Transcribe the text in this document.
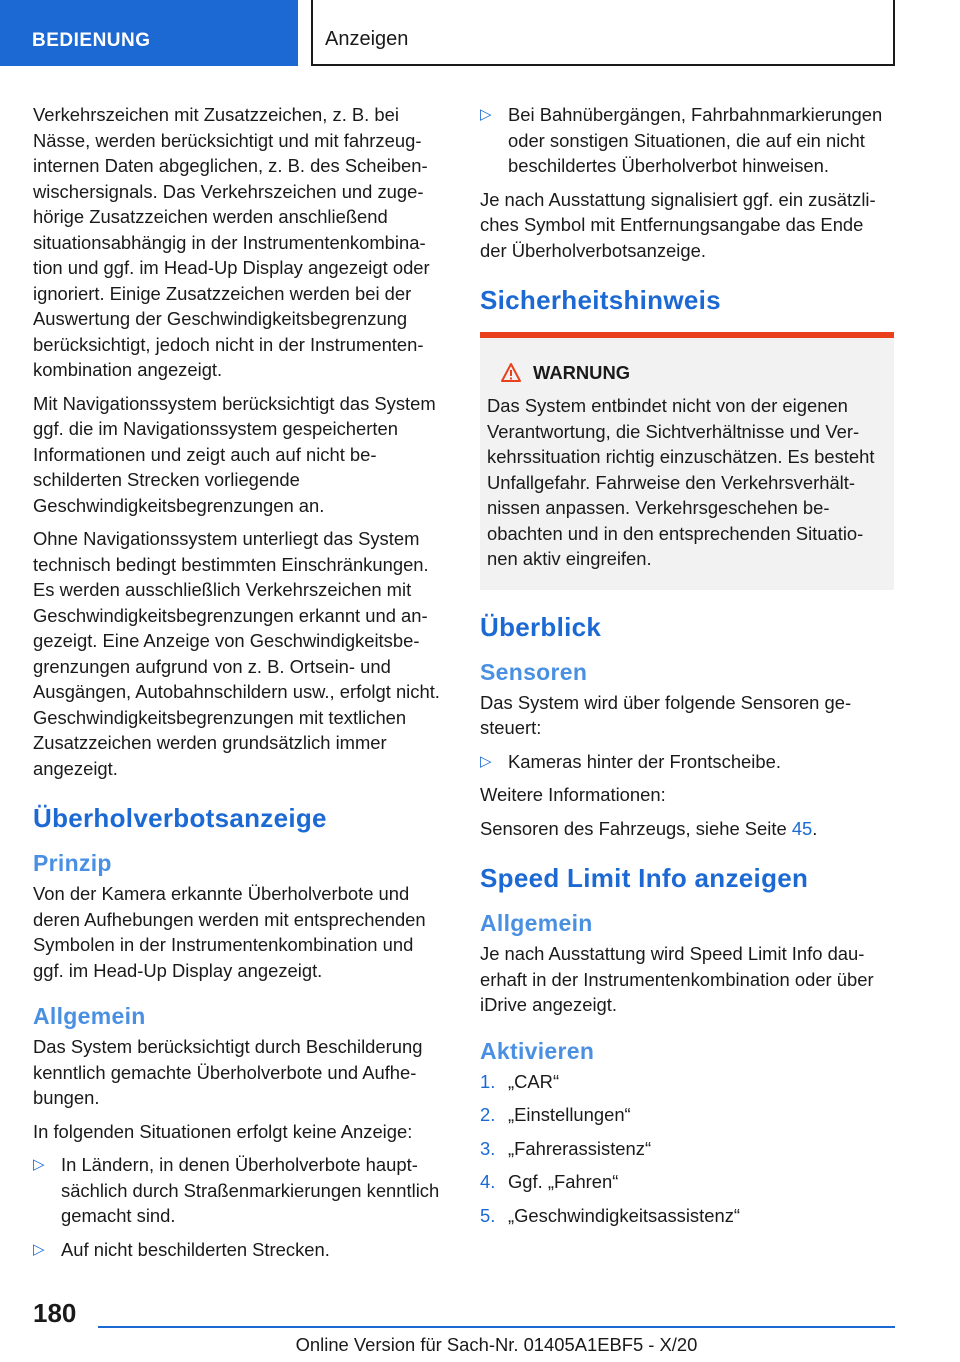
BEDIENUNG	Anzeigen

Verkehrszeichen mit Zusatzzeichen, z. B. bei Nässe, werden berücksichtigt und mit fahrzeuginternen Daten abgeglichen, z. B. des Scheibenwischersignals. Das Verkehrszeichen und zugehörige Zusatzzeichen werden anschließend situationsabhängig in der Instrumentenkombination und ggf. im Head-Up Display angezeigt oder ignoriert. Einige Zusatzzeichen werden bei der Auswertung der Geschwindigkeitsbegrenzung berücksichtigt, jedoch nicht in der Instrumentenkombination angezeigt.

Mit Navigationssystem berücksichtigt das System ggf. die im Navigationssystem gespeicherten Informationen und zeigt auch auf nicht beschilderten Strecken vorliegende Geschwindigkeitsbegrenzungen an.

Ohne Navigationssystem unterliegt das System technisch bedingt bestimmten Einschränkungen. Es werden ausschließlich Verkehrszeichen mit Geschwindigkeitsbegrenzungen erkannt und angezeigt. Eine Anzeige von Geschwindigkeitsbegrenzungen aufgrund von z. B. Ortsein- und Ausgängen, Autobahnschildern usw., erfolgt nicht. Geschwindigkeitsbegrenzungen mit textlichen Zusatzzeichen werden grundsätzlich immer angezeigt.

Überholverbotsanzeige
Prinzip

Von der Kamera erkannte Überholverbote und deren Aufhebungen werden mit entsprechenden Symbolen in der Instrumentenkombination und ggf. im Head-Up Display angezeigt.

Allgemein

Das System berücksichtigt durch Beschilderung kenntlich gemachte Überholverbote und Aufhebungen.

In folgenden Situationen erfolgt keine Anzeige:

▷ In Ländern, in denen Überholverbote hauptsächlich durch Straßenmarkierungen kenntlich gemacht sind.

▷ Auf nicht beschilderten Strecken.

▷ Bei Bahnübergängen, Fahrbahnmarkierungen oder sonstigen Situationen, die auf ein nicht beschildertes Überholverbot hinweisen.

Je nach Ausstattung signalisiert ggf. ein zusätzliches Symbol mit Entfernungsangabe das Ende der Überholverbotsanzeige.

Sicherheitshinweis
WARNUNG

Das System entbindet nicht von der eigenen Verantwortung, die Sichtverhältnisse und Verkehrssituation richtig einzuschätzen. Es besteht Unfallgefahr. Fahrweise den Verkehrsverhältnissen anpassen. Verkehrsgeschehen beobachten und in den entsprechenden Situationen aktiv eingreifen.

Überblick
Sensoren

Das System wird über folgende Sensoren gesteuert:

▷ Kameras hinter der Frontscheibe.

Weitere Informationen:

Sensoren des Fahrzeugs, siehe Seite 45.

Speed Limit Info anzeigen
Allgemein

Je nach Ausstattung wird Speed Limit Info dauerhaft in der Instrumentenkombination oder über iDrive angezeigt.

Aktivieren

1. „CAR“

2. „Einstellungen“

3. „Fahrerassistenz“

4. Ggf. „Fahren“

5. „Geschwindigkeitsassistenz“

180
Online Version für Sach-Nr. 01405A1EBF5 - X/20
